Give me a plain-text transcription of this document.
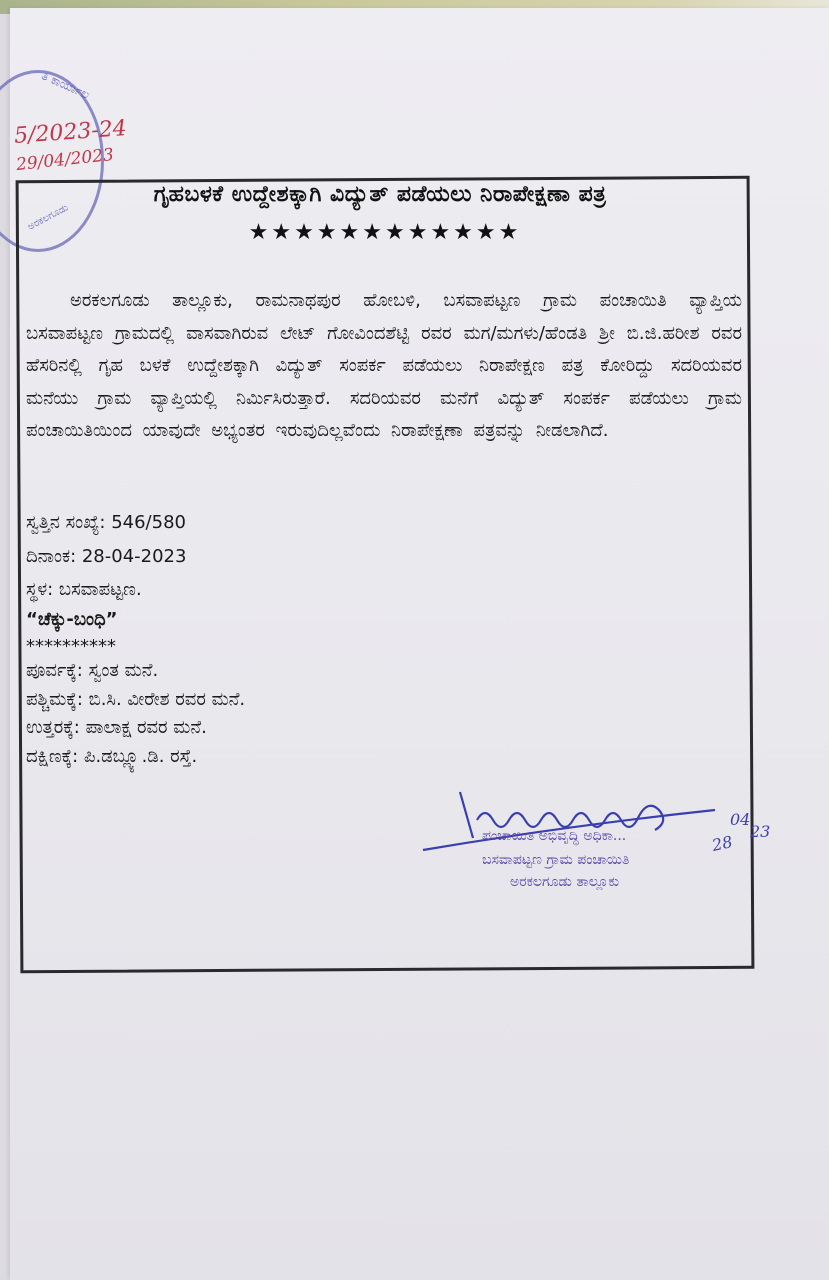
ತಿ ಕಾರ್ಯಾಲ
ಅರಕಲಗೂಡು
5/2023-24
29/04/2023
ಗೃಹಬಳಕೆ ಉದ್ದೇಶಕ್ಕಾಗಿ ವಿದ್ಯುತ್ ಪಡೆಯಲು ನಿರಾಪೇಕ್ಷಣಾ ಪತ್ರ
★★★★★★★★★★★★
ಅರಕಲಗೂಡು ತಾಲ್ಲೂಕು, ರಾಮನಾಥಪುರ ಹೋಬಳಿ, ಬಸವಾಪಟ್ಟಣ ಗ್ರಾಮ ಪಂಚಾಯಿತಿ ವ್ಯಾಪ್ತಿಯ ಬಸವಾಪಟ್ಟಣ ಗ್ರಾಮದಲ್ಲಿ ವಾಸವಾಗಿರುವ ಲೇಟ್ ಗೋವಿಂದಶೆಟ್ಟಿ ರವರ ಮಗ/ಮಗಳು/ಹೆಂಡತಿ ಶ್ರೀ ಬಿ.ಜಿ.ಹರೀಶ ರವರ ಹೆಸರಿನಲ್ಲಿ ಗೃಹ ಬಳಕೆ ಉದ್ದೇಶಕ್ಕಾಗಿ ವಿದ್ಯುತ್ ಸಂಪರ್ಕ ಪಡೆಯಲು ನಿರಾಪೇಕ್ಷಣ ಪತ್ರ ಕೋರಿದ್ದು ಸದರಿಯವರ ಮನೆಯು ಗ್ರಾಮ ವ್ಯಾಪ್ತಿಯಲ್ಲಿ ನಿರ್ಮಿಸಿರುತ್ತಾರೆ. ಸದರಿಯವರ ಮನೆಗೆ ವಿದ್ಯುತ್ ಸಂಪರ್ಕ ಪಡೆಯಲು ಗ್ರಾಮ ಪಂಚಾಯಿತಿಯಿಂದ ಯಾವುದೇ ಅಭ್ಯಂತರ ಇರುವುದಿಲ್ಲವೆಂದು ನಿರಾಪೇಕ್ಷಣಾ ಪತ್ರವನ್ನು ನೀಡಲಾಗಿದೆ.
ಸ್ವತ್ತಿನ ಸಂಖ್ಯೆ: 546/580
ದಿನಾಂಕ: 28-04-2023
ಸ್ಥಳ: ಬಸವಾಪಟ್ಟಣ.
“ಚೆಕ್ಕು-ಬಂಧಿ”
**********
ಪೂರ್ವಕ್ಕೆ: ಸ್ವಂತ ಮನೆ.
ಪಶ್ಚಿಮಕ್ಕೆ: ಬಿ.ಸಿ. ವೀರೇಶ ರವರ ಮನೆ.
ಉತ್ತರಕ್ಕೆ: ಪಾಲಾಕ್ಷ ರವರ ಮನೆ.
ದಕ್ಷಿಣಕ್ಕೆ: ಪಿ.ಡಬ್ಲ್ಯೂ.ಡಿ. ರಸ್ತೆ.
04
28
23
ಪಂಚಾಯಿತಿ ಅಭಿವೃದ್ಧಿ ಅಧಿಕಾ...
ಬಸವಾಪಟ್ಟಣ ಗ್ರಾಮ ಪಂಚಾಯಿತಿ
ಅರಕಲಗೂಡು ತಾಲ್ಲೂಕು
